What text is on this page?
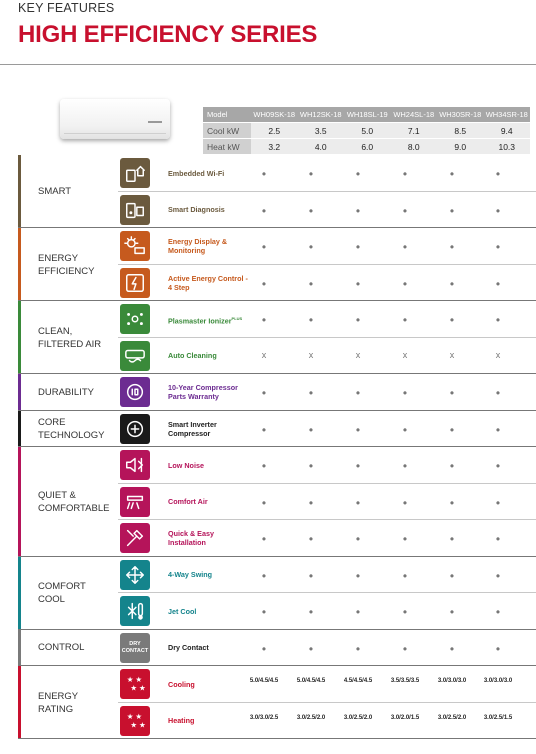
KEY FEATURES
HIGH EFFICIENCY SERIES
Model	WH09SK-18	WH12SK-18	WH18SL-19	WH24SL-18	WH30SR-18	WH34SR-18
Cool kW	2.5	3.5	5.0	7.1	8.5	9.4
Heat kW	3.2	4.0	6.0	8.0	9.0	10.3
SMART
Embedded Wi-Fi	•	•	•	•	•	•
Smart Diagnosis	•	•	•	•	•	•
ENERGY EFFICIENCY
Energy Display & Monitoring	•	•	•	•	•	•
Active Energy Control - 4 Step	•	•	•	•	•	•
CLEAN, FILTERED AIR
Plasmaster Ionizer$^{PLUS}$	•	•	•	•	•	•
Auto Cleaning	x	x	x	x	x	x
DURABILITY	10-Year Compressor Parts Warranty	•	•	•	•	•	•
CORE TECHNOLOGY
Smart Inverter Compressor	•	•	•	•	•	•
QUIET & COMFORTABLE
Low Noise	•	•	•	•	•	•
Comfort Air	•	•	•	•	•	•
Quick & Easy Installation	•	•	•	•	•	•
COMFORT COOL
4-Way Swing	•	•	•	•	•	•
Jet Cool	•	•	•	•	•	•
CONTROL	DRY CONTACT	Dry Contact	•	•	•	•	•	•
ENERGY RATING
★ ★
★ ★	Cooling	5.0/4.5/4.5	5.0/4.5/4.5	4.5/4.5/4.5	3.5/3.5/3.5	3.0/3.0/3.0	3.0/3.0/3.0
★ ★
★ ★	Heating	3.0/3.0/2.5	3.0/2.5/2.0	3.0/2.5/2.0	3.0/2.0/1.5	3.0/2.5/2.0	3.0/2.5/1.5
